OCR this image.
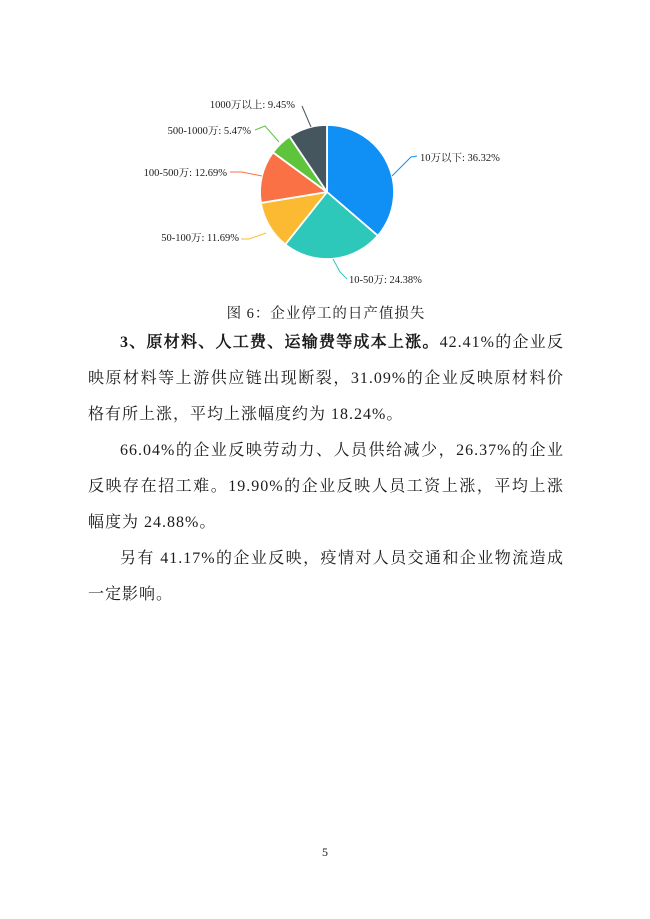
10万以下: 36.32%
10-50万: 24.38%
50-100万: 11.69%
100-500万: 12.69%
500-1000万: 5.47%
1000万以上: 9.45%
图 6：企业停工的日产值损失

3、原材料、人工费、运输费等成本上涨。42.41%的企业反映原材料等上游供应链出现断裂，31.09%的企业反映原材料价格有所上涨，平均上涨幅度约为 18.24%。

66.04%的企业反映劳动力、人员供给减少，26.37%的企业反映存在招工难。19.90%的企业反映人员工资上涨，平均上涨幅度为 24.88%。

另有 41.17%的企业反映，疫情对人员交通和企业物流造成一定影响。

5
